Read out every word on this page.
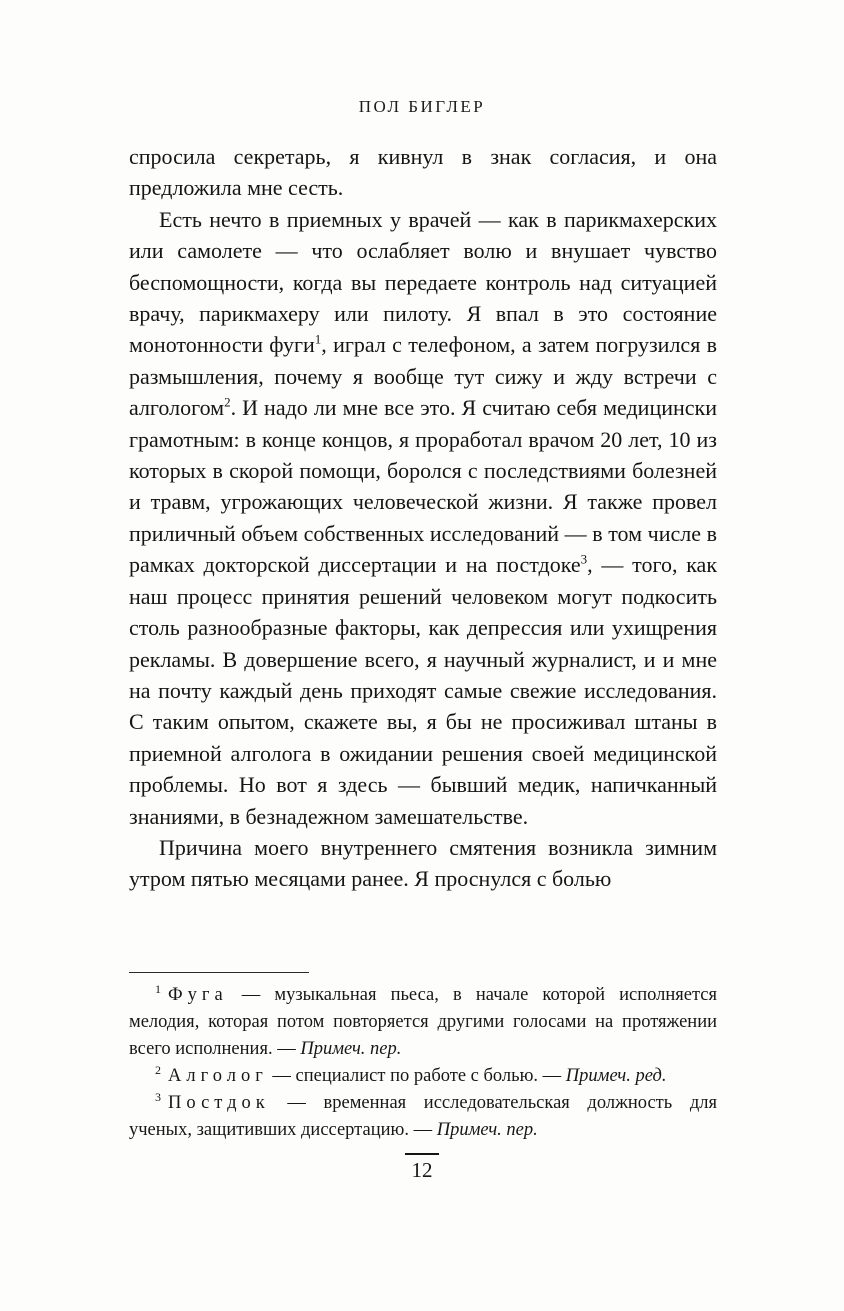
ПОЛ БИГЛЕР

спросила секретарь, я кивнул в знак согласия, и она предложила мне сесть.

Есть нечто в приемных у врачей — как в парикмахерских или самолете — что ослабляет волю и внушает чувство беспомощности, когда вы передаете контроль над ситуацией врачу, парикмахеру или пилоту. Я впал в это состояние монотонности фуги$^1$, играл с телефоном, а затем погрузился в размышления, почему я вообще тут сижу и жду встречи с алгологом$^2$. И надо ли мне все это. Я считаю себя медицински грамотным: в конце концов, я проработал врачом 20 лет, 10 из которых в скорой помощи, боролся с последствиями болезней и травм, угрожающих человеческой жизни. Я также провел приличный объем собственных исследований — в том числе в рамках докторской диссертации и на постдоке$^3$, — того, как наш процесс принятия решений человеком могут подкосить столь разнообразные факторы, как депрессия или ухищрения рекламы. В довершение всего, я научный журналист, и и мне на почту каждый день приходят самые свежие исследования. С таким опытом, скажете вы, я бы не просиживал штаны в приемной алголога в ожидании решения своей медицинской проблемы. Но вот я здесь — бывший медик, напичканный знаниями, в безнадежном замешательстве.

Причина моего внутреннего смятения возникла зимним утром пятью месяцами ранее. Я проснулся с болью

$^1$ Фуга — музыкальная пьеса, в начале которой исполняется мелодия, которая потом повторяется другими голосами на протяжении всего исполнения. — Примеч. пер.

$^2$ Алголог — специалист по работе с болью. — Примеч. ред.

$^3$ Постдок — временная исследовательская должность для ученых, защитивших диссертацию. — Примеч. пер.

12
